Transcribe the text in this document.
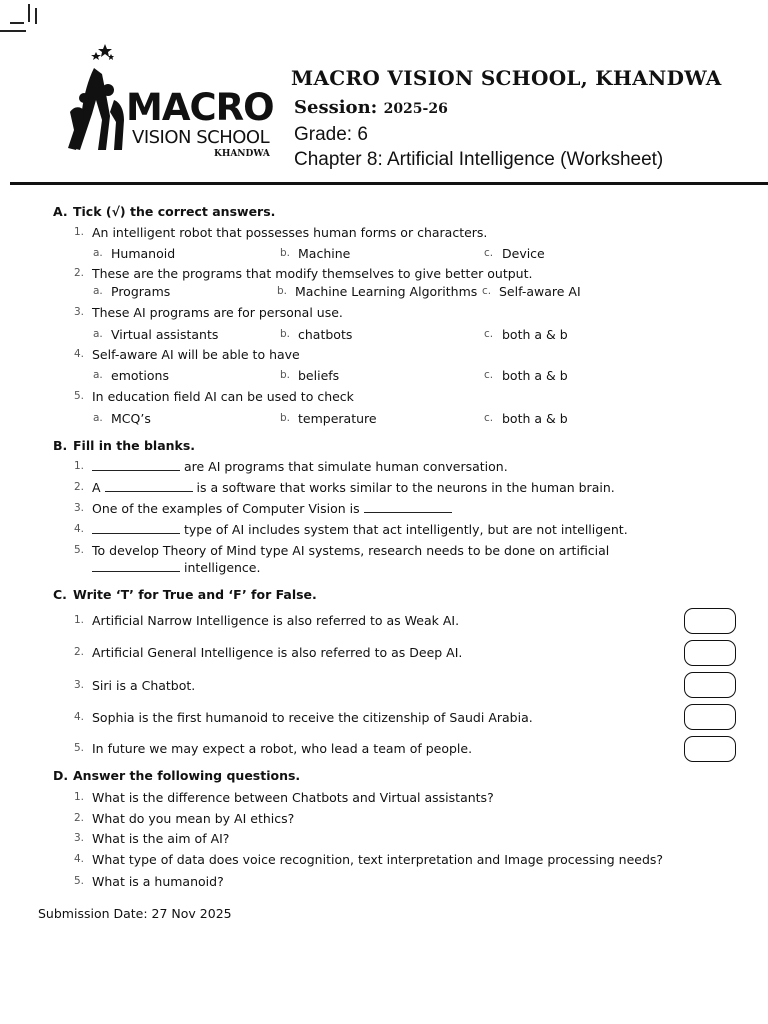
MACRO
VISION SCHOOL
KHANDWA
MACRO VISION SCHOOL, KHANDWA
Session: 2025-26
Grade: 6
Chapter 8: Artificial Intelligence (Worksheet)
A. Tick (√) the correct answers.
1. An intelligent robot that possesses human forms or characters.
a. Humanoid	b. Machine	c. Device
2. These are the programs that modify themselves to give better output.
a. Programs	b. Machine Learning Algorithms c. Self-aware AI
3. These AI programs are for personal use.
a. Virtual assistants	b. chatbots	c. both a & b
4. Self-aware AI will be able to have
a. emotions	b. beliefs	c. both a & b
5. In education field AI can be used to check
a. MCQ’s	b. temperature	c. both a & b
B. Fill in the blanks.
1.	are AI programs that simulate human conversation.
2. A	is a software that works similar to the neurons in the human brain.
3. One of the examples of Computer Vision is
4.	type of AI includes system that act intelligently, but are not intelligent.
5. To develop Theory of Mind type AI systems, research needs to be done on artificial
intelligence.
C. Write ‘T’ for True and ‘F’ for False.
1. Artificial Narrow Intelligence is also referred to as Weak AI.
2. Artificial General Intelligence is also referred to as Deep AI.
3. Siri is a Chatbot.
4. Sophia is the first humanoid to receive the citizenship of Saudi Arabia.
5. In future we may expect a robot, who lead a team of people.
D. Answer the following questions.
1. What is the difference between Chatbots and Virtual assistants?
2. What do you mean by AI ethics?
3. What is the aim of AI?
4. What type of data does voice recognition, text interpretation and Image processing needs?
5. What is a humanoid?
Submission Date: 27 Nov 2025
